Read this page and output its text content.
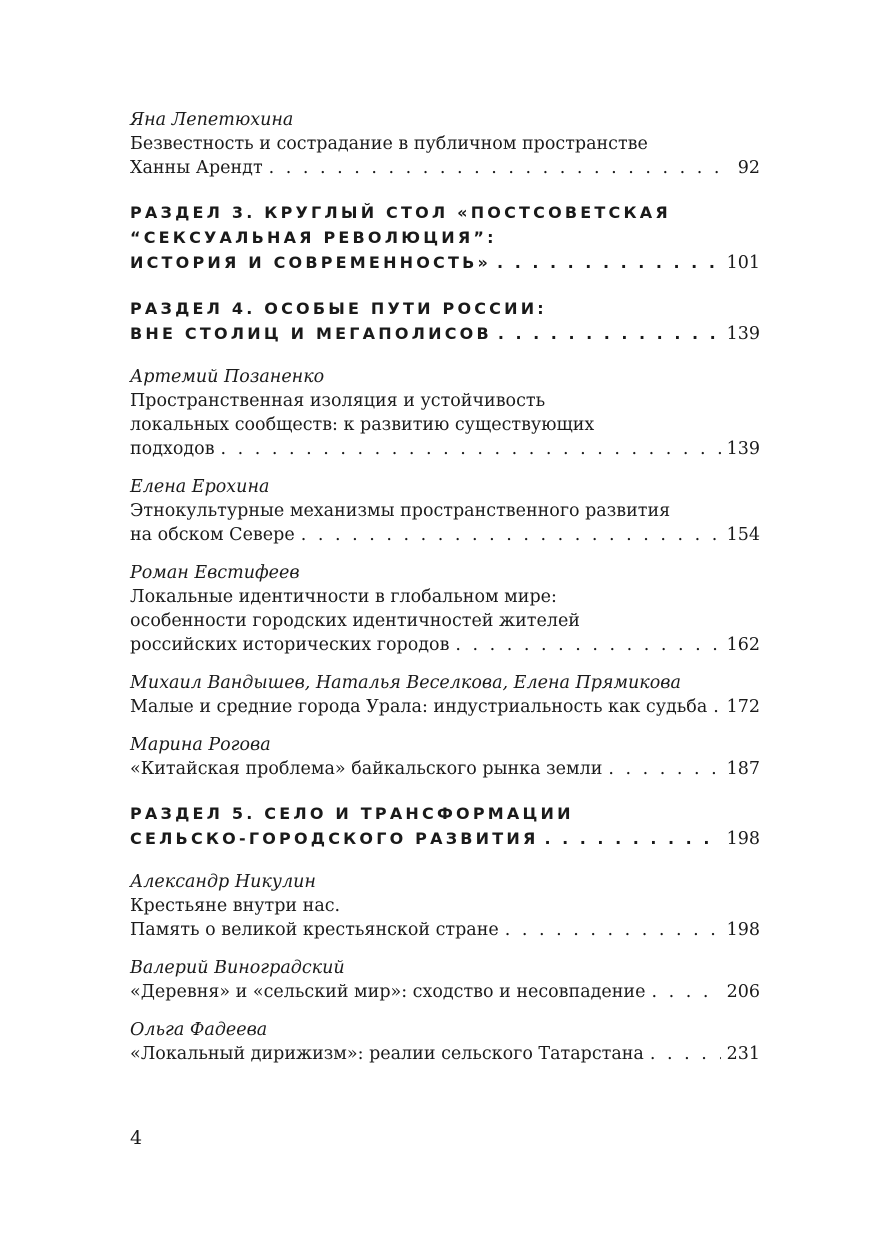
Яна Лепетюхина
Безвестность и сострадание в публичном пространстве
Ханны Арендт . . .	92
РАЗДЕЛ 3. КРУГЛЫЙ СТОЛ «ПОСТСОВЕТСКАЯ
“СЕКСУАЛЬНАЯ РЕВОЛЮЦИЯ”:
ИСТОРИЯ И СОВРЕМЕННОСТЬ» . . .	101
РАЗДЕЛ 4. ОСОБЫЕ ПУТИ РОССИИ:
ВНЕ СТОЛИЦ И МЕГАПОЛИСОВ . . .	139
Артемий Позаненко
Пространственная изоляция и устойчивость
локальных сообществ: к развитию существующих
подходов . . .	139
Елена Ерохина
Этнокультурные механизмы пространственного развития
на обском Севере . . .	154
Роман Евстифеев
Локальные идентичности в глобальном мире:
особенности городских идентичностей жителей
российских исторических городов . . .	162
Михаил Вандышев, Наталья Веселкова, Елена Прямикова
Малые и средние города Урала: индустриальность как судьба . . . 172
Марина Рогова
«Китайская проблема» байкальского рынка земли . . .	187
РАЗДЕЛ 5. СЕЛО И ТРАНСФОРМАЦИИ
СЕЛЬСКО-ГОРОДСКОГО РАЗВИТИЯ . . .	198
Александр Никулин
Крестьяне внутри нас.
Память о великой крестьянской стране . . .	198
Валерий Виноградский
«Деревня» и «сельский мир»: сходство и несовпадение . . .	206
Ольга Фадеева
«Локальный дирижизм»: реалии сельского Татарстана . . .	231
4
